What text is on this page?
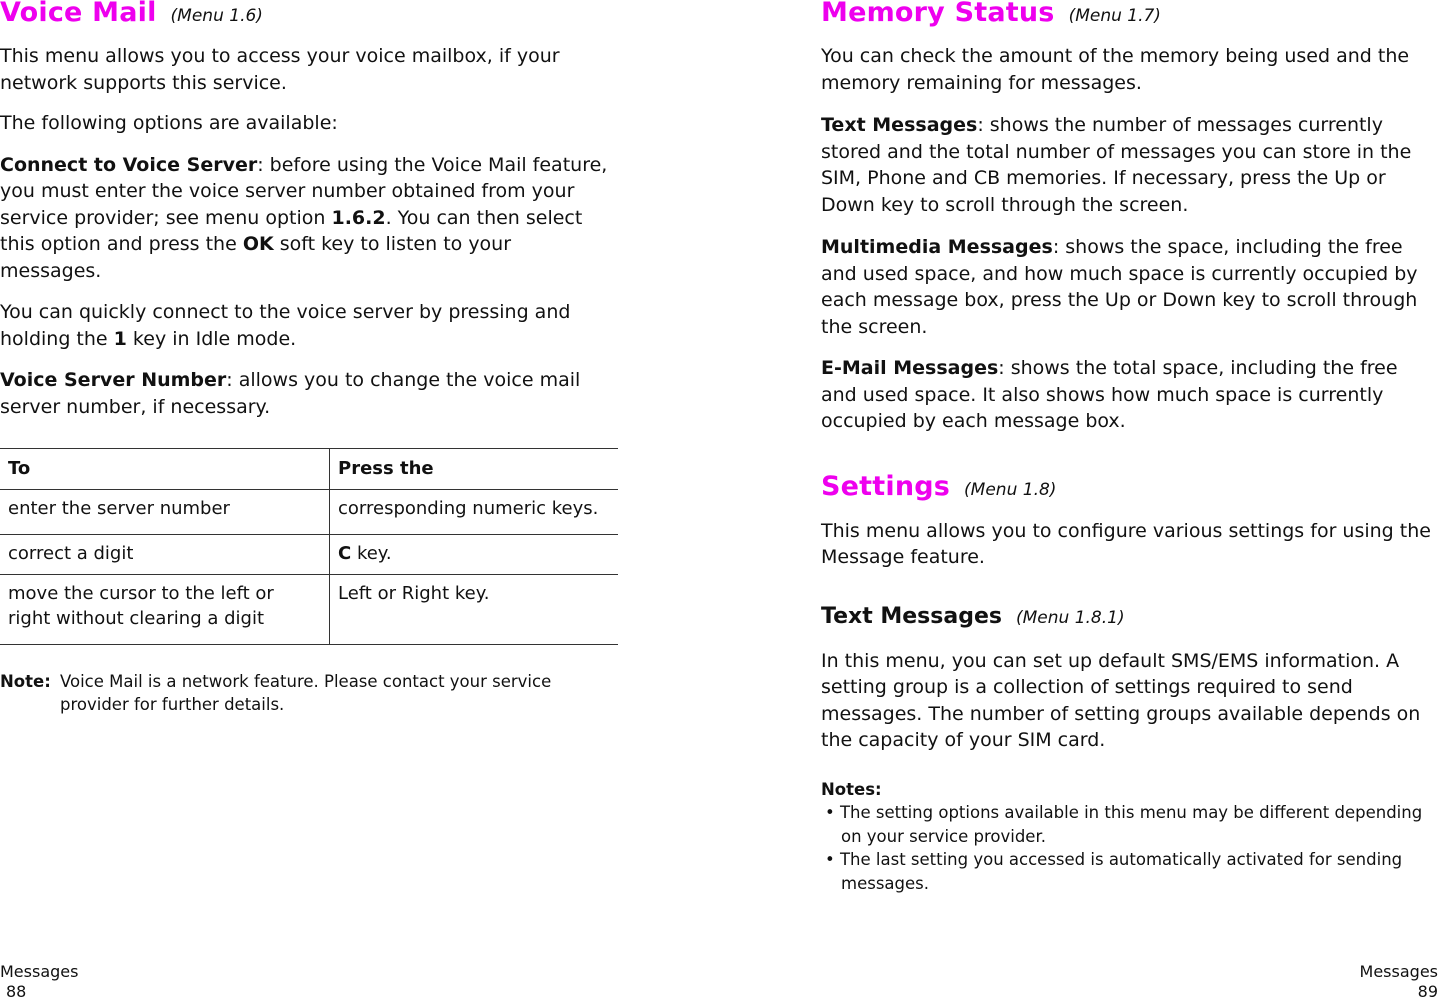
Voice Mail (Menu 1.6)

This menu allows you to access your voice mailbox, if your network supports this service.

The following options are available:

Connect to Voice Server: before using the Voice Mail feature, you must enter the voice server number obtained from your service provider; see menu option 1.6.2. You can then select this option and press the OK soft key to listen to your messages.

You can quickly connect to the voice server by pressing and holding the 1 key in Idle mode.

Voice Server Number: allows you to change the voice mail server number, if necessary.

To	Press the
enter the server number	corresponding numeric keys.
correct a digit	C key.
move the cursor to the left or right without clearing a digit	Left or Right key.
Note: Voice Mail is a network feature. Please contact your service provider for further details.
Memory Status (Menu 1.7)

You can check the amount of the memory being used and the memory remaining for messages.

Text Messages: shows the number of messages currently stored and the total number of messages you can store in the SIM, Phone and CB memories. If necessary, press the Up or Down key to scroll through the screen.

Multimedia Messages: shows the space, including the free and used space, and how much space is currently occupied by each message box, press the Up or Down key to scroll through the screen.

E-Mail Messages: shows the total space, including the free and used space. It also shows how much space is currently occupied by each message box.

Settings (Menu 1.8)

This menu allows you to configure various settings for using the Message feature.

Text Messages (Menu 1.8.1)

In this menu, you can set up default SMS/EMS information. A setting group is a collection of settings required to send messages. The number of setting groups available depends on the capacity of your SIM card.

Notes:
• The setting options available in this menu may be different depending on your service provider.
• The last setting you accessed is automatically activated for sending messages.
Messages
88
Messages
89
